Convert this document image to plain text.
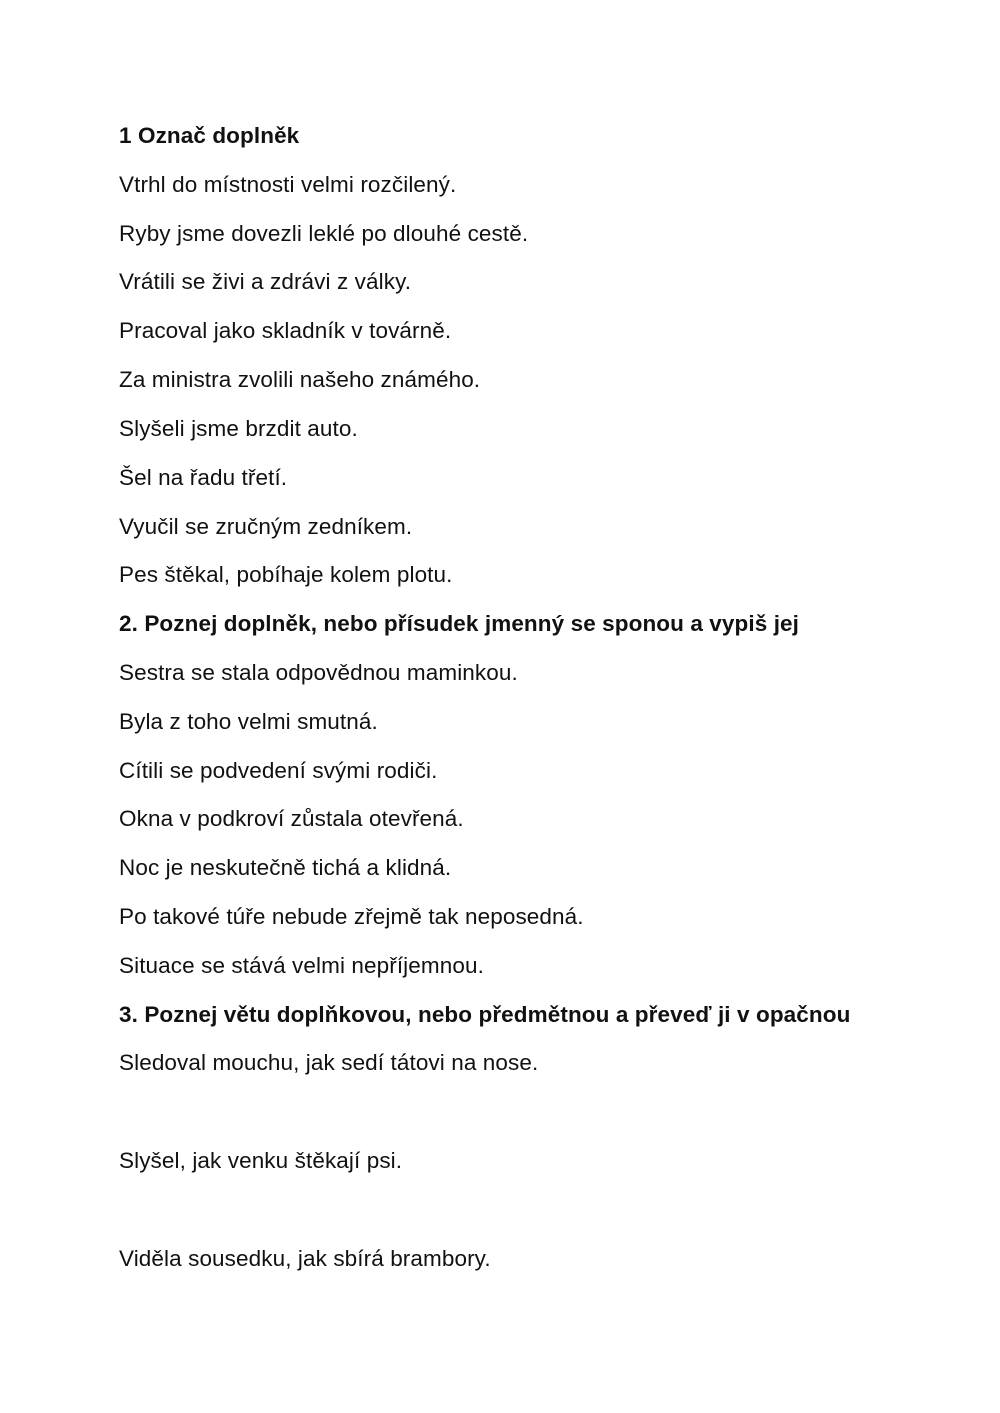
1 Označ doplněk
Vtrhl do místnosti velmi rozčilený.
Ryby jsme dovezli leklé po dlouhé cestě.
Vrátili se živi a zdrávi z války.
Pracoval jako skladník v továrně.
Za ministra zvolili našeho známého.
Slyšeli jsme brzdit auto.
Šel na řadu třetí.
Vyučil se zručným zedníkem.
Pes štěkal, pobíhaje kolem plotu.
2. Poznej doplněk, nebo přísudek jmenný se sponou a vypiš jej
Sestra se stala odpovědnou maminkou.
Byla z toho velmi smutná.
Cítili se podvedení svými rodiči.
Okna v podkroví zůstala otevřená.
Noc je neskutečně tichá a klidná.
Po takové túře nebude zřejmě tak neposedná.
Situace se stává velmi nepříjemnou.
3. Poznej větu doplňkovou, nebo předmětnou a převeď ji v opačnou
Sledoval mouchu, jak sedí tátovi na nose.
Slyšel, jak venku štěkají psi.
Viděla sousedku, jak sbírá brambory.
